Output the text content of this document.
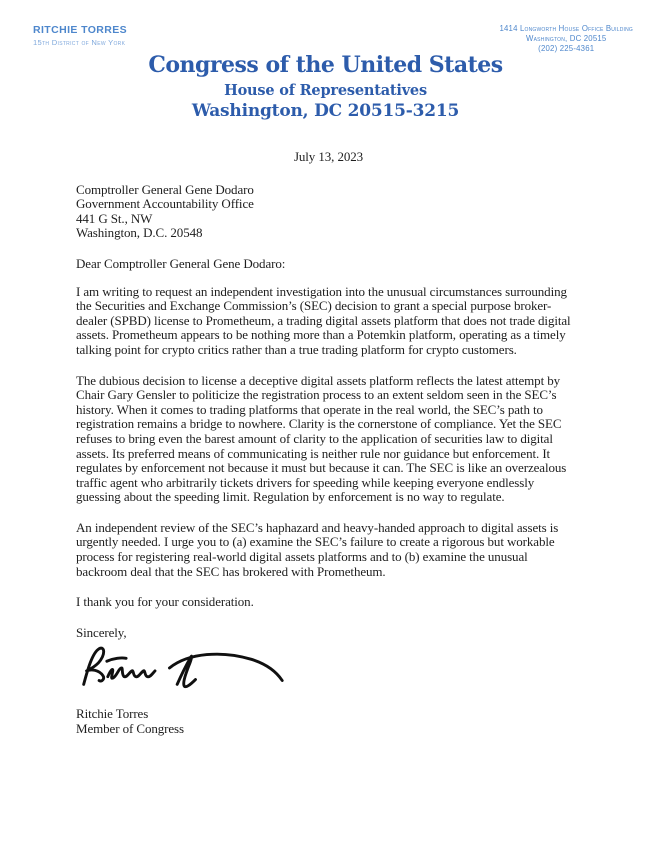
RITCHIE TORRES
15th District of New York
1414 Longworth House Office Building
Washington, DC 20515
(202) 225-4361
Congress of the United States
House of Representatives
Washington, DC 20515-3215
July 13, 2023
Comptroller General Gene Dodaro
Government Accountability Office
441 G St., NW
Washington, D.C. 20548
Dear Comptroller General Gene Dodaro:

I am writing to request an independent investigation into the unusual circumstances surrounding the Securities and Exchange Commission’s (SEC) decision to grant a special purpose broker-dealer (SPBD) license to Prometheum, a trading digital assets platform that does not trade digital assets. Prometheum appears to be nothing more than a Potemkin platform, operating as a timely talking point for crypto critics rather than a true trading platform for crypto customers.

The dubious decision to license a deceptive digital assets platform reflects the latest attempt by Chair Gary Gensler to politicize the registration process to an extent seldom seen in the SEC’s history. When it comes to trading platforms that operate in the real world, the SEC’s path to registration remains a bridge to nowhere. Clarity is the cornerstone of compliance. Yet the SEC refuses to bring even the barest amount of clarity to the application of securities law to digital assets. Its preferred means of communicating is neither rule nor guidance but enforcement. It regulates by enforcement not because it must but because it can. The SEC is like an overzealous traffic agent who arbitrarily tickets drivers for speeding while keeping everyone endlessly guessing about the speeding limit. Regulation by enforcement is no way to regulate.

An independent review of the SEC’s haphazard and heavy-handed approach to digital assets is urgently needed. I urge you to (a) examine the SEC’s failure to create a rigorous but workable process for registering real-world digital assets platforms and to (b) examine the unusual backroom deal that the SEC has brokered with Prometheum.

I thank you for your consideration.

Sincerely,
Ritchie Torres
Member of Congress
